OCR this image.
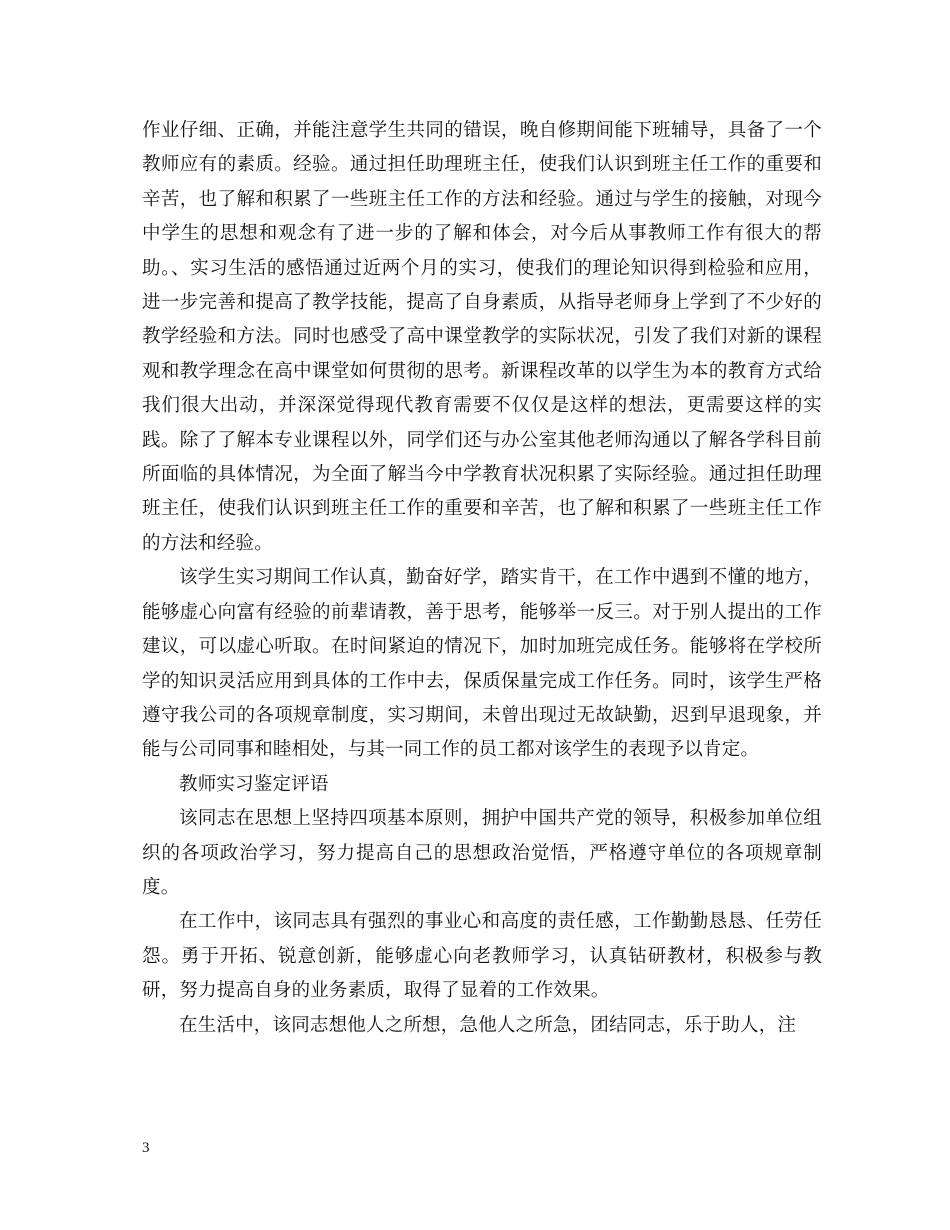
作业仔细、正确，并能注意学生共同的错误，晚自修期间能下班辅导，具备了一个教师应有的素质。经验。通过担任助理班主任，使我们认识到班主任工作的重要和辛苦，也了解和积累了一些班主任工作的方法和经验。通过与学生的接触，对现今中学生的思想和观念有了进一步的了解和体会，对今后从事教师工作有很大的帮助。、实习生活的感悟通过近两个月的实习，使我们的理论知识得到检验和应用，进一步完善和提高了教学技能，提高了自身素质，从指导老师身上学到了不少好的教学经验和方法。同时也感受了高中课堂教学的实际状况，引发了我们对新的课程观和教学理念在高中课堂如何贯彻的思考。新课程改革的以学生为本的教育方式给我们很大出动，并深深觉得现代教育需要不仅仅是这样的想法，更需要这样的实践。除了了解本专业课程以外，同学们还与办公室其他老师沟通以了解各学科目前所面临的具体情况，为全面了解当今中学教育状况积累了实际经验。通过担任助理班主任，使我们认识到班主任工作的重要和辛苦，也了解和积累了一些班主任工作的方法和经验。

该学生实习期间工作认真，勤奋好学，踏实肯干，在工作中遇到不懂的地方，能够虚心向富有经验的前辈请教，善于思考，能够举一反三。对于别人提出的工作建议，可以虚心听取。在时间紧迫的情况下，加时加班完成任务。能够将在学校所学的知识灵活应用到具体的工作中去，保质保量完成工作任务。同时，该学生严格遵守我公司的各项规章制度，实习期间，未曾出现过无故缺勤，迟到早退现象，并能与公司同事和睦相处，与其一同工作的员工都对该学生的表现予以肯定。

教师实习鉴定评语

该同志在思想上坚持四项基本原则，拥护中国共产党的领导，积极参加单位组织的各项政治学习，努力提高自己的思想政治觉悟，严格遵守单位的各项规章制度。

在工作中，该同志具有强烈的事业心和高度的责任感，工作勤勤恳恳、任劳任怨。勇于开拓、锐意创新，能够虚心向老教师学习，认真钻研教材，积极参与教研，努力提高自身的业务素质，取得了显着的工作效果。

在生活中，该同志想他人之所想，急他人之所急，团结同志，乐于助人，注

3
